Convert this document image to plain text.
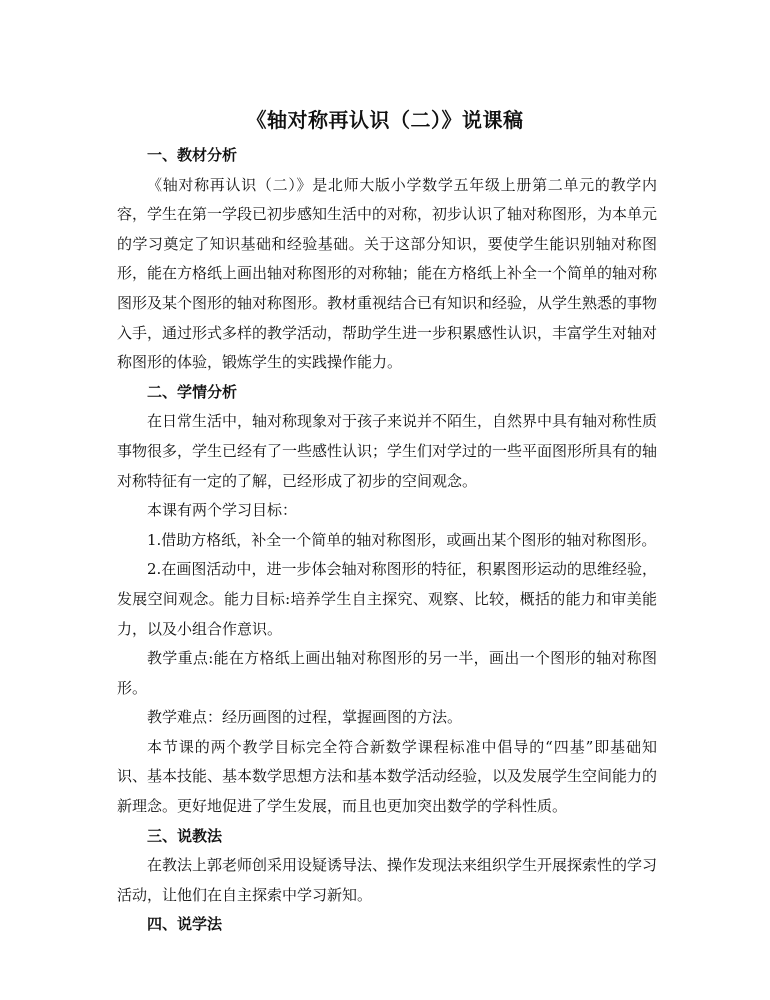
《轴对称再认识（二）》说课稿

一、教材分析

《轴对称再认识（二）》是北师大版小学数学五年级上册第二单元的教学内容，学生在第一学段已初步感知生活中的对称，初步认识了轴对称图形，为本单元的学习奠定了知识基础和经验基础。关于这部分知识，要使学生能识别轴对称图形，能在方格纸上画出轴对称图形的对称轴；能在方格纸上补全一个简单的轴对称图形及某个图形的轴对称图形。教材重视结合已有知识和经验，从学生熟悉的事物入手，通过形式多样的教学活动，帮助学生进一步积累感性认识，丰富学生对轴对称图形的体验，锻炼学生的实践操作能力。

二、学情分析

在日常生活中，轴对称现象对于孩子来说并不陌生，自然界中具有轴对称性质事物很多，学生已经有了一些感性认识；学生们对学过的一些平面图形所具有的轴对称特征有一定的了解，已经形成了初步的空间观念。

本课有两个学习目标：

1.借助方格纸，补全一个简单的轴对称图形，或画出某个图形的轴对称图形。

2.在画图活动中，进一步体会轴对称图形的特征，积累图形运动的思维经验，发展空间观念。能力目标:培养学生自主探究、观察、比较，概括的能力和审美能力，以及小组合作意识。

教学重点:能在方格纸上画出轴对称图形的另一半，画出一个图形的轴对称图形。

教学难点：经历画图的过程，掌握画图的方法。

本节课的两个教学目标完全符合新数学课程标准中倡导的“四基”即基础知识、基本技能、基本数学思想方法和基本数学活动经验，以及发展学生空间能力的新理念。更好地促进了学生发展，而且也更加突出数学的学科性质。

三、说教法

在教法上郭老师创采用设疑诱导法、操作发现法来组织学生开展探索性的学习活动，让他们在自主探索中学习新知。

四、说学法
